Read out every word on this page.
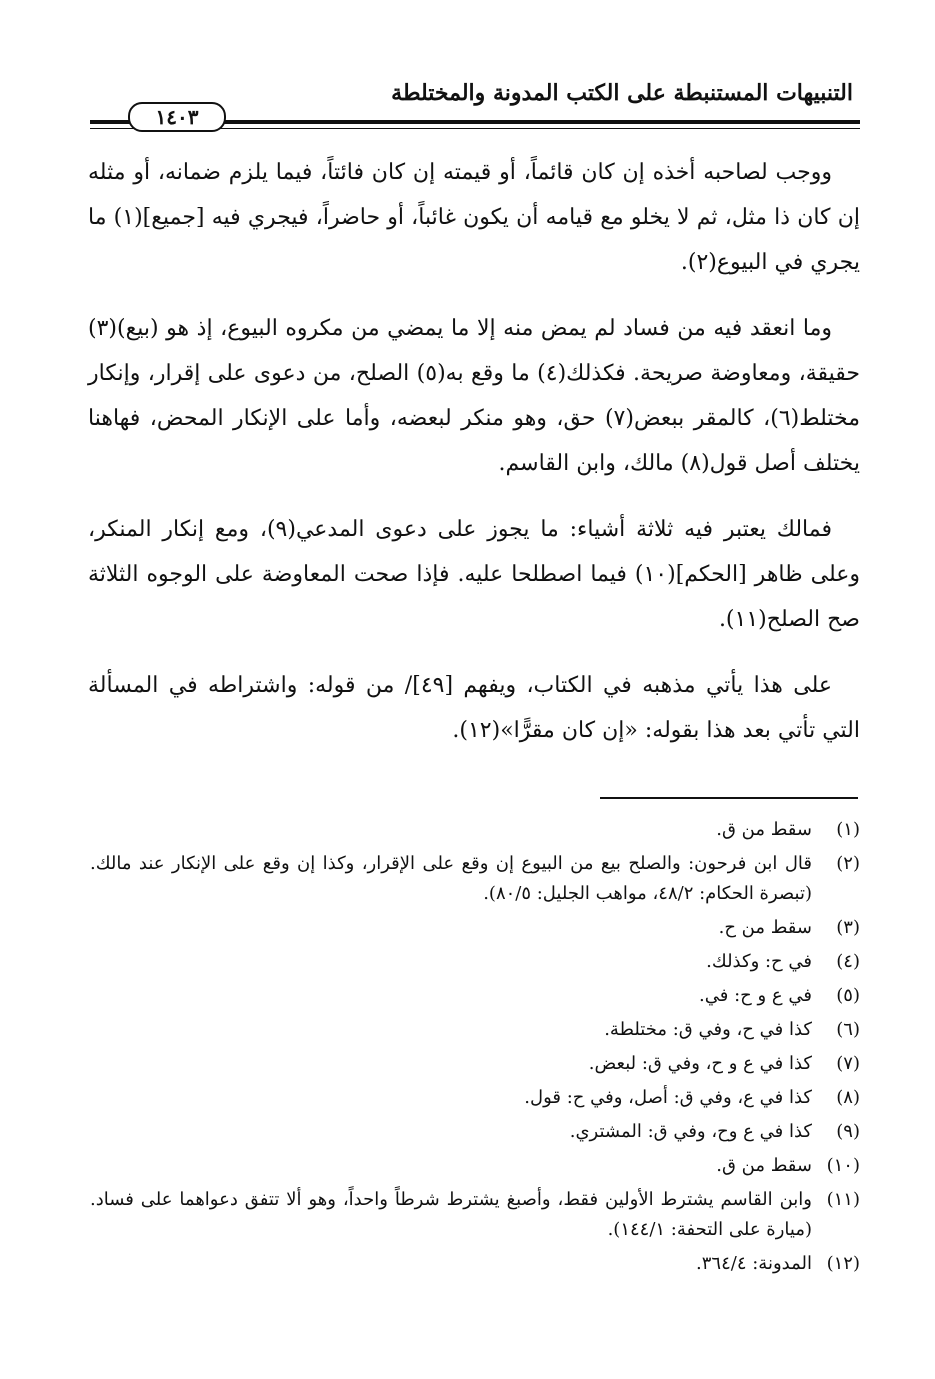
التنبيهات المستنبطة على الكتب المدونة والمختلطة
١٤٠٣

ووجب لصاحبه أخذه إن كان قائماً، أو قيمته إن كان فائتاً، فيما يلزم ضمانه، أو مثله إن كان ذا مثل، ثم لا يخلو مع قيامه أن يكون غائباً، أو حاضراً، فيجري فيه [جميع](١) ما يجري في البيوع(٢).

وما انعقد فيه من فساد لم يمض منه إلا ما يمضي من مكروه البيوع، إذ هو (بيع)(٣) حقيقة، ومعاوضة صريحة. فكذلك(٤) ما وقع به(٥) الصلح، من دعوى على إقرار، وإنكار مختلط(٦)، كالمقر ببعض(٧) حق، وهو منكر لبعضه، وأما على الإنكار المحض، فهاهنا يختلف أصل قول(٨) مالك، وابن القاسم.

فمالك يعتبر فيه ثلاثة أشياء: ما يجوز على دعوى المدعي(٩)، ومع إنكار المنكر، وعلى ظاهر [الحكم](١٠) فيما اصطلحا عليه. فإذا صحت المعاوضة على الوجوه الثلاثة صح الصلح(١١).

على هذا يأتي مذهبه في الكتاب، ويفهم [٤٩]/ من قوله: واشتراطه في المسألة التي تأتي بعد هذا بقوله: «إن كان مقرًّا»(١٢).

(١)
سقط من ق.
(٢)
قال ابن فرحون: والصلح بيع من البيوع إن وقع على الإقرار، وكذا إن وقع على الإنكار عند مالك. (تبصرة الحكام: ٤٨/٢، مواهب الجليل: ٨٠/٥).
(٣)
سقط من ح.
(٤)
في ح: وكذلك.
(٥)
في ع و ح: في.
(٦)
كذا في ح، وفي ق: مختلطة.
(٧)
كذا في ع و ح، وفي ق: لبعض.
(٨)
كذا في ع، وفي ق: أصل، وفي ح: قول.
(٩)
كذا في ع وح، وفي ق: المشتري.
(١٠)
سقط من ق.
(١١)
وابن القاسم يشترط الأولين فقط، وأصبغ يشترط شرطاً واحداً، وهو ألا تتفق دعواهما على فساد. (ميارة على التحفة: ١٤٤/١).
(١٢)
المدونة: ٣٦٤/٤.
